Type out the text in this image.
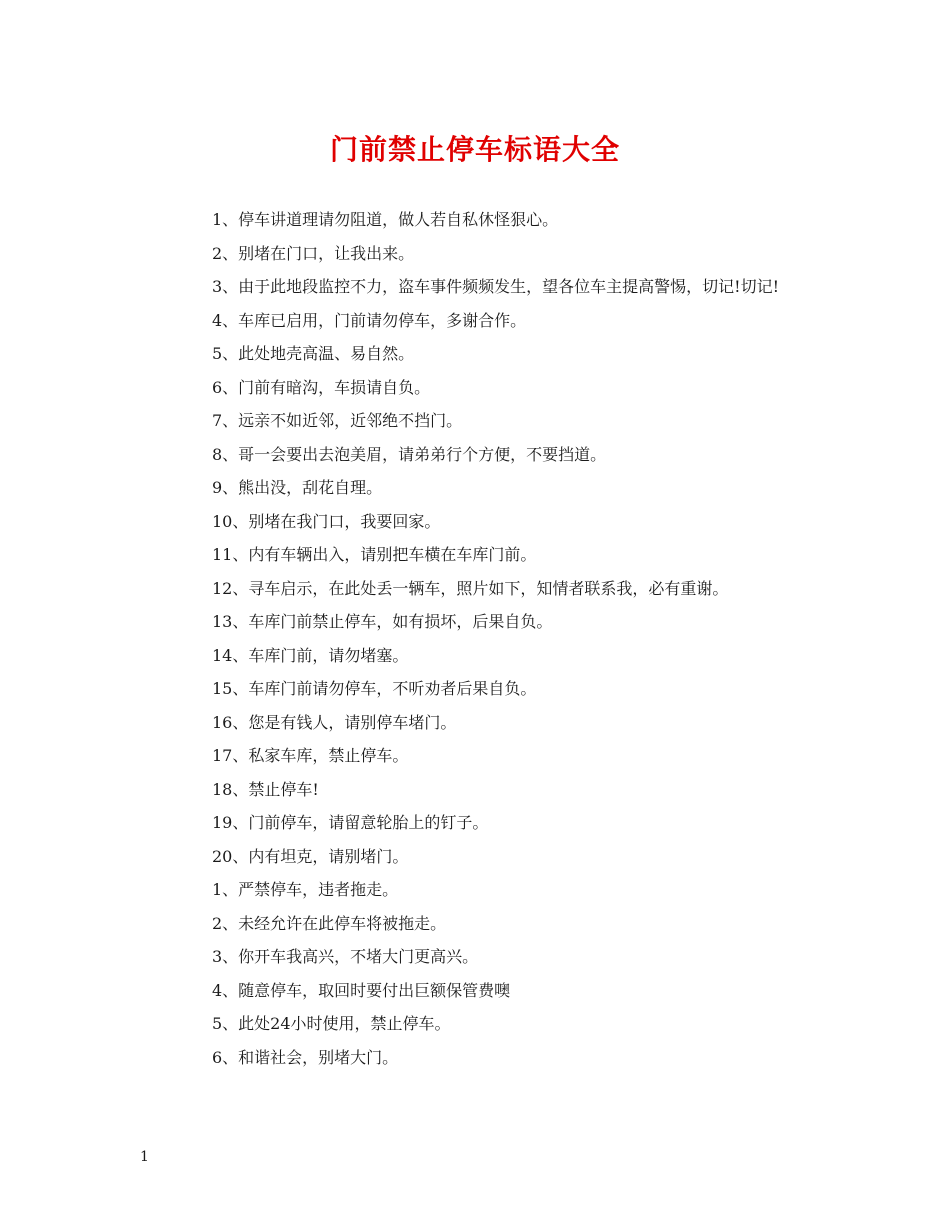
门前禁止停车标语大全

1、停车讲道理请勿阻道，做人若自私休怪狠心。

2、别堵在门口，让我出来。

3、由于此地段监控不力，盗车事件频频发生，望各位车主提高警惕，切记!切记!

4、车库已启用，门前请勿停车，多谢合作。

5、此处地壳高温、易自然。

6、门前有暗沟，车损请自负。

7、远亲不如近邻，近邻绝不挡门。

8、哥一会要出去泡美眉，请弟弟行个方便，不要挡道。

9、熊出没，刮花自理。

10、别堵在我门口，我要回家。

11、内有车辆出入，请别把车横在车库门前。

12、寻车启示，在此处丢一辆车，照片如下，知情者联系我，必有重谢。

13、车库门前禁止停车，如有损坏，后果自负。

14、车库门前，请勿堵塞。

15、车库门前请勿停车，不听劝者后果自负。

16、您是有钱人，请别停车堵门。

17、私家车库，禁止停车。

18、禁止停车!

19、门前停车，请留意轮胎上的钉子。

20、内有坦克，请别堵门。

1、严禁停车，违者拖走。

2、未经允许在此停车将被拖走。

3、你开车我高兴，不堵大门更高兴。

4、随意停车，取回时要付出巨额保管费噢

5、此处24小时使用，禁止停车。

6、和谐社会，别堵大门。

1
